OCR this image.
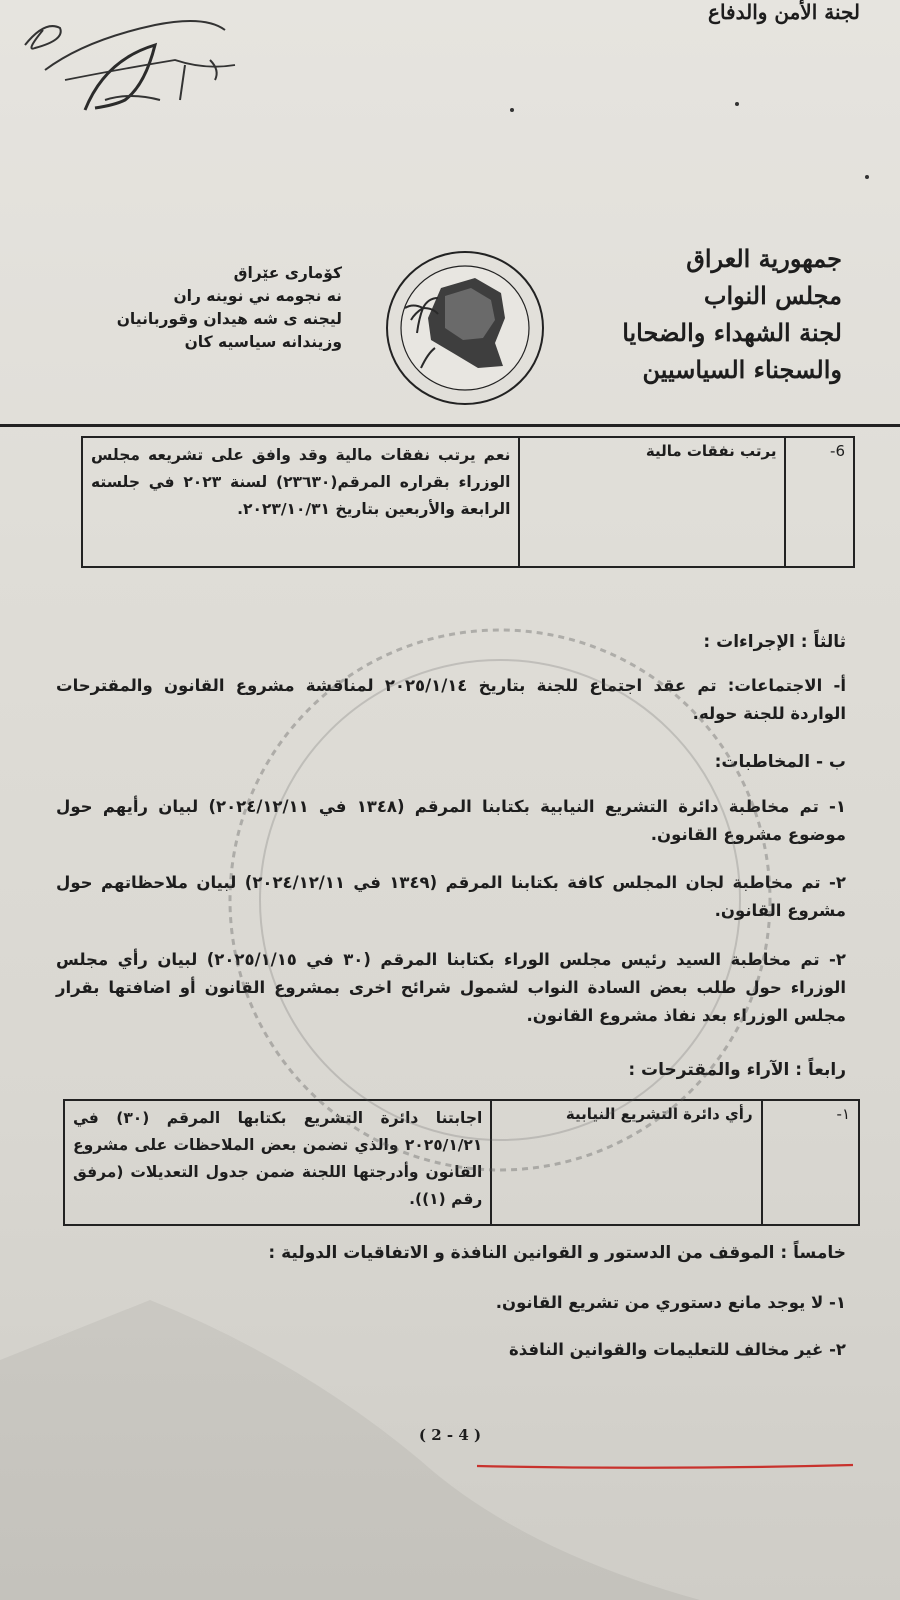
لجنة الأمن والدفاع
جمهورية العراق
مجلس النواب
لجنة الشهداء والضحايا
والسجناء السياسيين
كۆماری عێراق
نه نجومه ني نوينه ران
ليجنه ى شه هيدان وقوربانيان
وزيندانه سياسيه كان
6-	يرتب نفقات مالية	نعم يرتب نفقات مالية وقد وافق على تشريعه مجلس الوزراء بقراره المرقم(٢٣٦٣٠) لسنة ٢٠٢٣ في جلسته الرابعة والأربعين بتاريخ ٢٠٢٣/١٠/٣١.
ثالثاً : الإجراءات :
أ- الاجتماعات: تم عقد اجتماع للجنة بتاريخ ٢٠٢٥/١/١٤ لمناقشة مشروع القانون والمقترحات الواردة للجنة حوله.
ب - المخاطبات:
١- تم مخاطبة دائرة التشريع النيابية بكتابنا المرقم (١٣٤٨ في ٢٠٢٤/١٢/١١) لبيان رأيهم حول موضوع مشروع القانون.
٢- تم مخاطبة لجان المجلس كافة بكتابنا المرقم (١٣٤٩ في ٢٠٢٤/١٢/١١) لبيان ملاحظاتهم حول مشروع القانون.
٢- تم مخاطبة السيد رئيس مجلس الوراء بكتابنا المرقم (٣٠ في ٢٠٢٥/١/١٥) لبيان رأي مجلس الوزراء حول طلب بعض السادة النواب لشمول شرائح اخرى بمشروع القانون أو اضافتها بقرار مجلس الوزراء بعد نفاذ مشروع القانون.
رابعاً : الآراء والمقترحات :
١-	رأي دائرة التشريع النيابية	اجابتنا دائرة التشريع بكتابها المرقم (٣٠) في ٢٠٢٥/١/٢١ والذي تضمن بعض الملاحظات على مشروع القانون وأدرجتها اللجنة ضمن جدول التعديلات (مرفق رقم (١)).
خامساً : الموقف من الدستور و القوانين النافذة و الاتفاقيات الدولية :
١- لا يوجد مانع دستوري من تشريع القانون.
٢- غير مخالف للتعليمات والقوانين النافذة
( 2 - 4 )
